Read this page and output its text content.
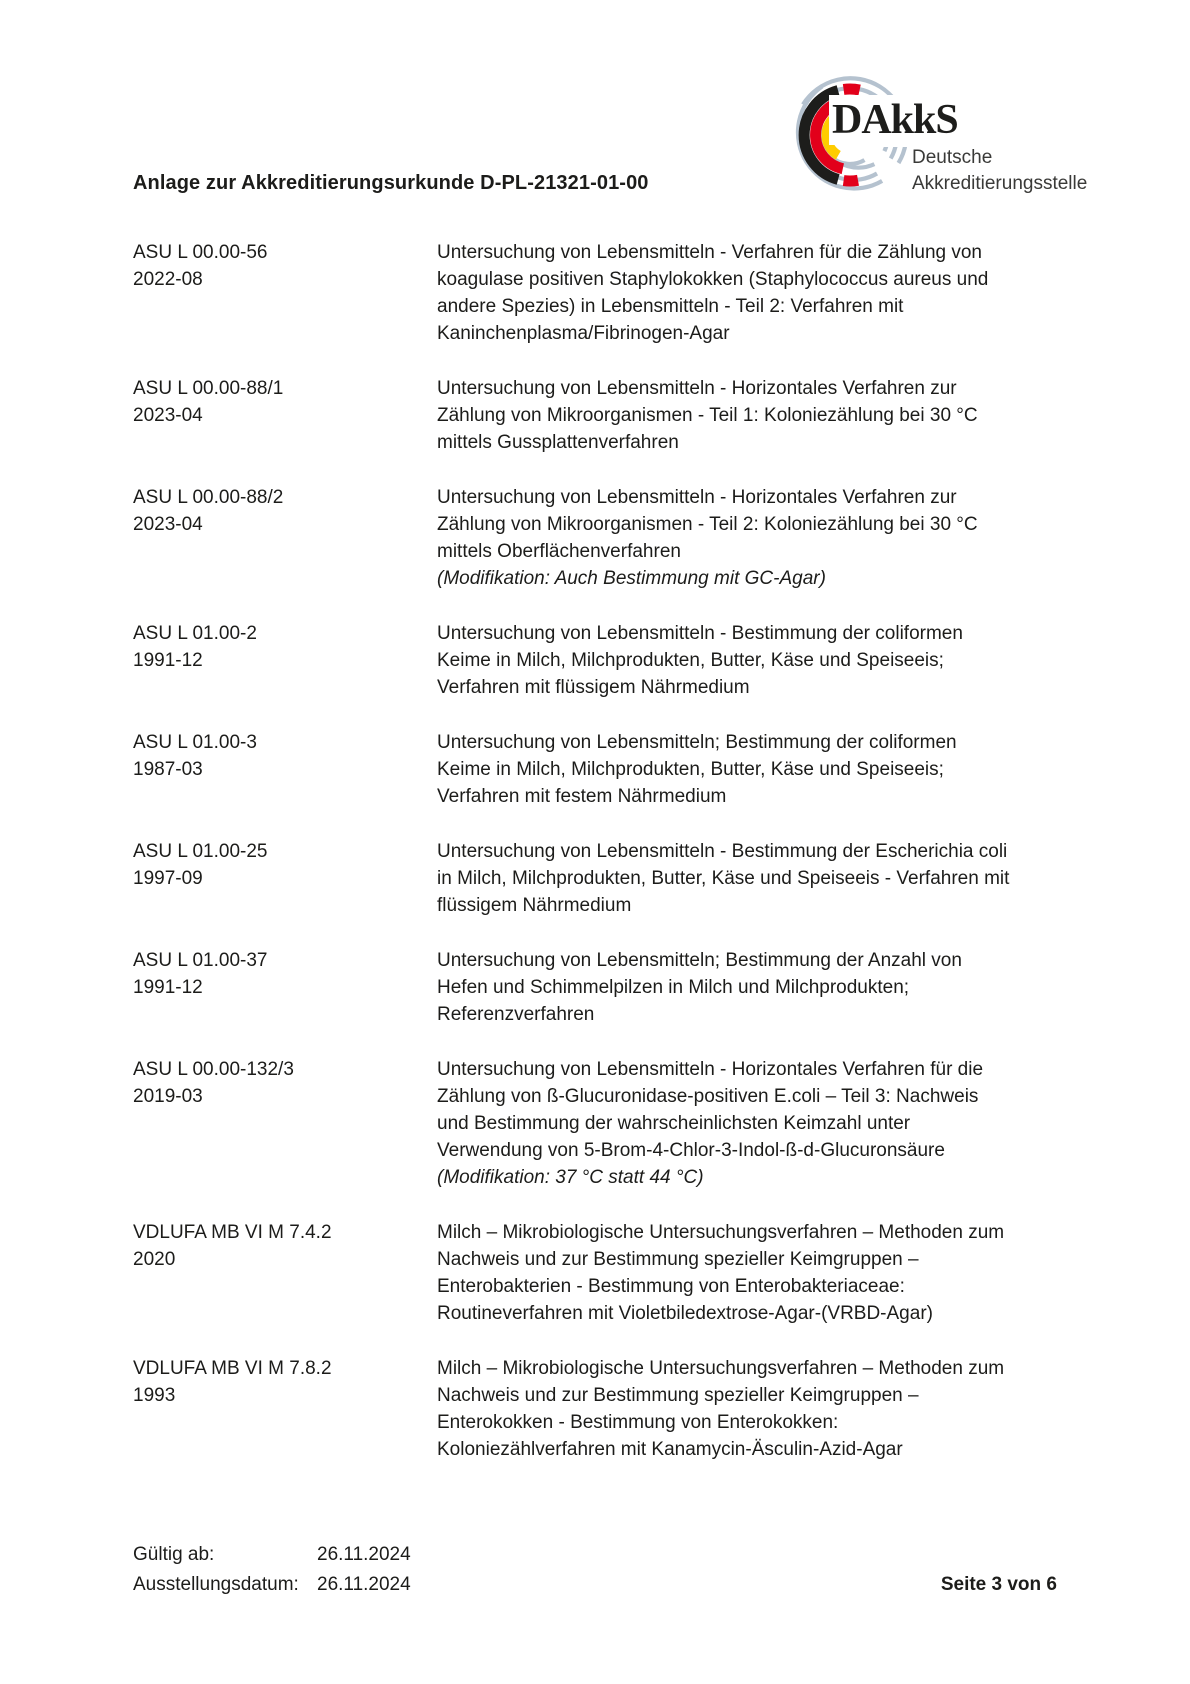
Anlage zur Akkreditierungsurkunde D-PL-21321-01-00
DAkkS
Deutsche
Akkreditierungsstelle
ASU L 00.00-56
2022-08
Untersuchung von Lebensmitteln - Verfahren für die Zählung von koagulase positiven Staphylokokken (Staphylococcus aureus und andere Spezies) in Lebensmitteln - Teil 2: Verfahren mit Kaninchenplasma/Fibrinogen-Agar
ASU L 00.00-88/1
2023-04
Untersuchung von Lebensmitteln - Horizontales Verfahren zur Zählung von Mikroorganismen - Teil 1: Koloniezählung bei 30 °C mittels Gussplattenverfahren
ASU L 00.00-88/2
2023-04
Untersuchung von Lebensmitteln - Horizontales Verfahren zur Zählung von Mikroorganismen - Teil 2: Koloniezählung bei 30 °C mittels Oberflächenverfahren
(Modifikation: Auch Bestimmung mit GC-Agar)
ASU L 01.00-2
1991-12
Untersuchung von Lebensmitteln - Bestimmung der coliformen Keime in Milch, Milchprodukten, Butter, Käse und Speiseeis; Verfahren mit flüssigem Nährmedium
ASU L 01.00-3
1987-03
Untersuchung von Lebensmitteln; Bestimmung der coliformen Keime in Milch, Milchprodukten, Butter, Käse und Speiseeis; Verfahren mit festem Nährmedium
ASU L 01.00-25
1997-09
Untersuchung von Lebensmitteln - Bestimmung der Escherichia coli in Milch, Milchprodukten, Butter, Käse und Speiseeis - Verfahren mit flüssigem Nährmedium
ASU L 01.00-37
1991-12
Untersuchung von Lebensmitteln; Bestimmung der Anzahl von Hefen und Schimmelpilzen in Milch und Milchprodukten; Referenzverfahren
ASU L 00.00-132/3
2019-03
Untersuchung von Lebensmitteln - Horizontales Verfahren für die Zählung von ß-Glucuronidase-positiven E.coli – Teil 3: Nachweis und Bestimmung der wahrscheinlichsten Keimzahl unter Verwendung von 5-Brom-4-Chlor-3-Indol-ß-d-Glucuronsäure
(Modifikation: 37 °C statt 44 °C)
VDLUFA MB VI M 7.4.2
2020
Milch – Mikrobiologische Untersuchungsverfahren – Methoden zum Nachweis und zur Bestimmung spezieller Keimgruppen – Enterobakterien - Bestimmung von Enterobakteriaceae: Routineverfahren mit Violetbiledextrose-Agar-(VRBD-Agar)
VDLUFA MB VI M 7.8.2
1993
Milch – Mikrobiologische Untersuchungsverfahren – Methoden zum Nachweis und zur Bestimmung spezieller Keimgruppen – Enterokokken - Bestimmung von Enterokokken: Koloniezählverfahren mit Kanamycin-Äsculin-Azid-Agar
Gültig ab:	26.11.2024
Ausstellungsdatum: 26.11.2024	Seite 3 von 6
